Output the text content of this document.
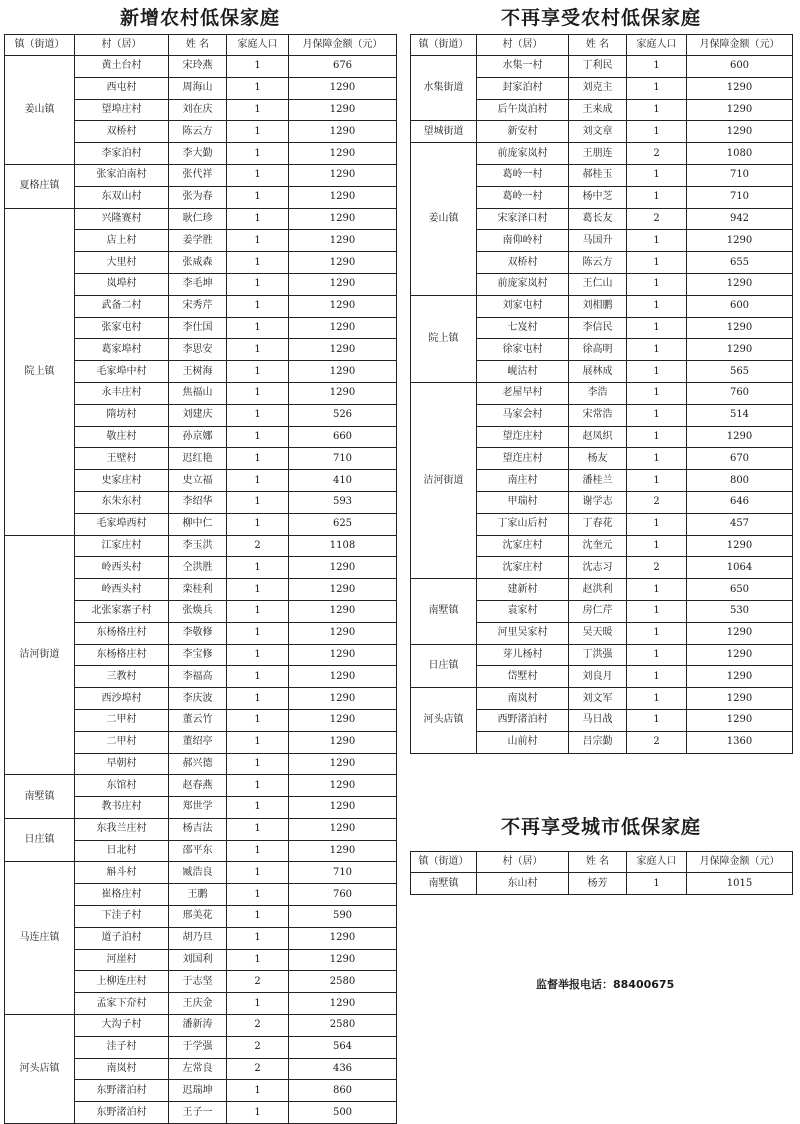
新增农村低保家庭
镇（街道）	村（居）	姓 名	家庭人口	月保障金额（元）
姜山镇	黄土台村	宋玲燕	1	676
	西屯村	周海山	1	1290
	望埠庄村	刘在庆	1	1290
	双桥村	陈云方	1	1290
	李家泊村	李大勤	1	1290
夏格庄镇	张家泊南村	张代祥	1	1290
	东双山村	张为春	1	1290
院上镇	兴隆赛村	耿仁珍	1	1290
	店上村	姜学胜	1	1290
	大里村	张咸森	1	1290
	岚埠村	李毛坤	1	1290
	武备二村	宋秀芹	1	1290
	张家屯村	李仕国	1	1290
	葛家埠村	李思安	1	1290
	毛家埠中村	王树海	1	1290
	永丰庄村	焦福山	1	1290
	隋坊村	刘建庆	1	526
	敬庄村	孙京娜	1	660
	王壁村	迟红艳	1	710
	史家庄村	史立福	1	410
	东朱东村	李绍华	1	593
	毛家埠西村	柳中仁	1	625
洁河街道	江家庄村	李玉洪	2	1108
	岭西头村	仝洪胜	1	1290
	岭西头村	栾桂利	1	1290
	北张家寨子村	张焕兵	1	1290
	东杨格庄村	李敬修	1	1290
	东杨格庄村	李宝修	1	1290
	三教村	李福高	1	1290
	西沙埠村	李庆波	1	1290
	二甲村	董云竹	1	1290
	二甲村	董绍亭	1	1290
	早朝村	郝兴德	1	1290
南墅镇	东馆村	赵春燕	1	1290
	教书庄村	郑世学	1	1290
日庄镇	东我兰庄村	杨吉法	1	1290
	日北村	邵平东	1	1290
马连庄镇	斛斗村	臧浩良	1	710
	崔格庄村	王鹏	1	760
	下洼子村	邢美花	1	590
	道子泊村	胡乃旦	1	1290
	河崖村	刘国利	1	1290
	上柳连庄村	于志坚	2	2580
	孟家下夼村	王庆金	1	1290
河头店镇	大沟子村	潘新涛	2	2580
	洼子村	于学强	2	564
	南岚村	左常良	2	436
	东野渚泊村	迟瑞坤	1	860
	东野渚泊村	王子一	1	500
不再享受农村低保家庭
镇（街道）	村（居）	姓 名	家庭人口	月保障金额（元）
水集街道	水集一村	丁利民	1	600
	封家泊村	刘克主	1	1290
	后午岚泊村	王来成	1	1290
望城街道	新安村	刘文章	1	1290
姜山镇	前庞家岚村	王朋连	2	1080
	葛岭一村	郝桂玉	1	710
	葛岭一村	杨中芝	1	710
	宋家泽口村	葛长友	2	942
	南仰岭村	马国升	1	1290
	双桥村	陈云方	1	655
	前庞家岚村	王仁山	1	1290
院上镇	刘家屯村	刘相鹏	1	600
	七岌村	李信民	1	1290
	徐家屯村	徐高明	1	1290
	岘沽村	展林成	1	565
洁河街道	老屋早村	李浩	1	760
	马家会村	宋常浩	1	514
	望迮庄村	赵凤织	1	1290
	望迮庄村	杨友	1	670
	南庄村	潘桂兰	1	800
	甲瑞村	谢学志	2	646
	丁家山后村	丁春花	1	457
	沈家庄村	沈奎元	1	1290
	沈家庄村	沈志习	2	1064
南墅镇	建新村	赵洪利	1	650
	袁家村	房仁芹	1	530
	河里吴家村	吴天暖	1	1290
日庄镇	芽儿杨村	丁洪强	1	1290
	岱墅村	刘良月	1	1290
河头店镇	南岚村	刘文军	1	1290
	西野渚泊村	马日战	1	1290
	山前村	吕宗勤	2	1360
不再享受城市低保家庭
镇（街道）	村（居）	姓 名	家庭人口	月保障金额（元）
南墅镇	东山村	杨芳	1	1015
监督举报电话：88400675
